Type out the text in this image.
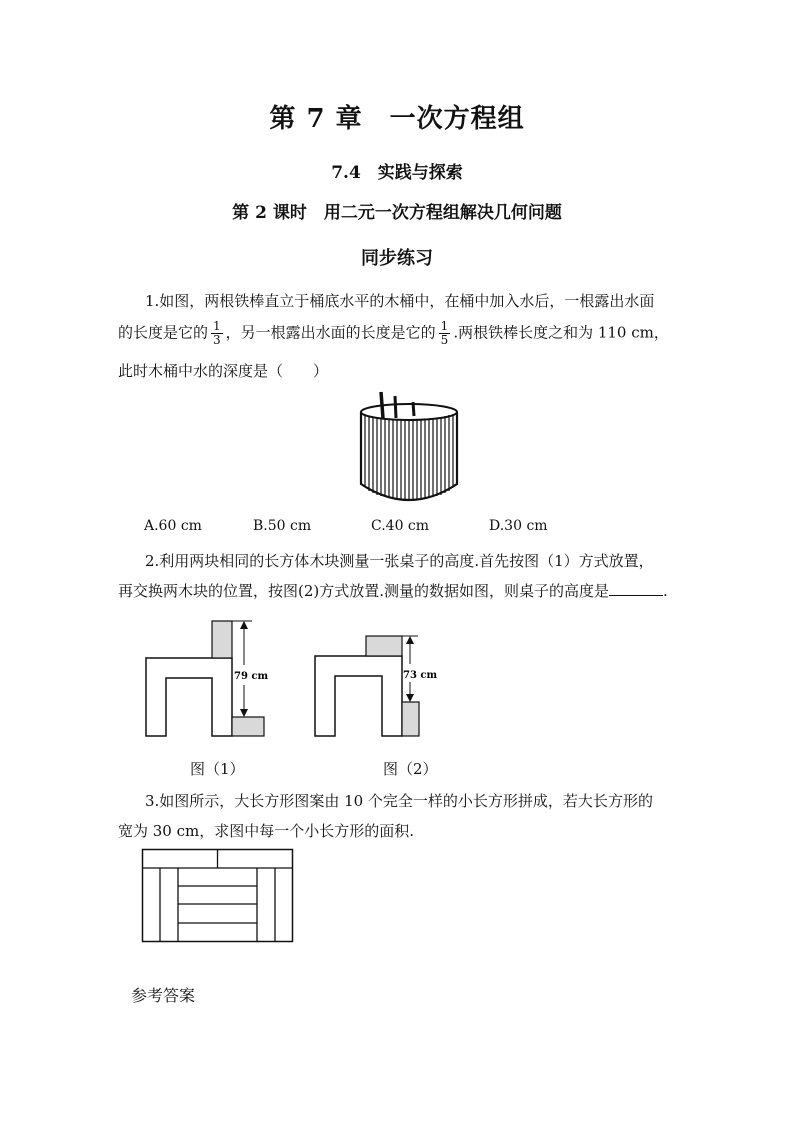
第 7 章　一次方程组
7.4　实践与探索
第 2 课时　用二元一次方程组解决几何问题
同步练习
1.如图，两根铁棒直立于桶底水平的木桶中，在桶中加入水后，一根露出水面
的长度是它的 $\frac{1}{3}$ ，另一根露出水面的长度是它的 $\frac{1}{5}$ .两根铁棒长度之和为 110 cm，
此时木桶中水的深度是（　　）
A.60 cm	B.50 cm	C.40 cm	D.30 cm
2.利用两块相同的长方体木块测量一张桌子的高度.首先按图（1）方式放置，
再交换两木块的位置，按图(2)方式放置.测量的数据如图，则桌子的高度是	.
79 cm	73 cm
图（1）	图（2）
3.如图所示，大长方形图案由 10 个完全一样的小长方形拼成，若大长方形的
宽为 30 cm，求图中每一个小长方形的面积.
参考答案
